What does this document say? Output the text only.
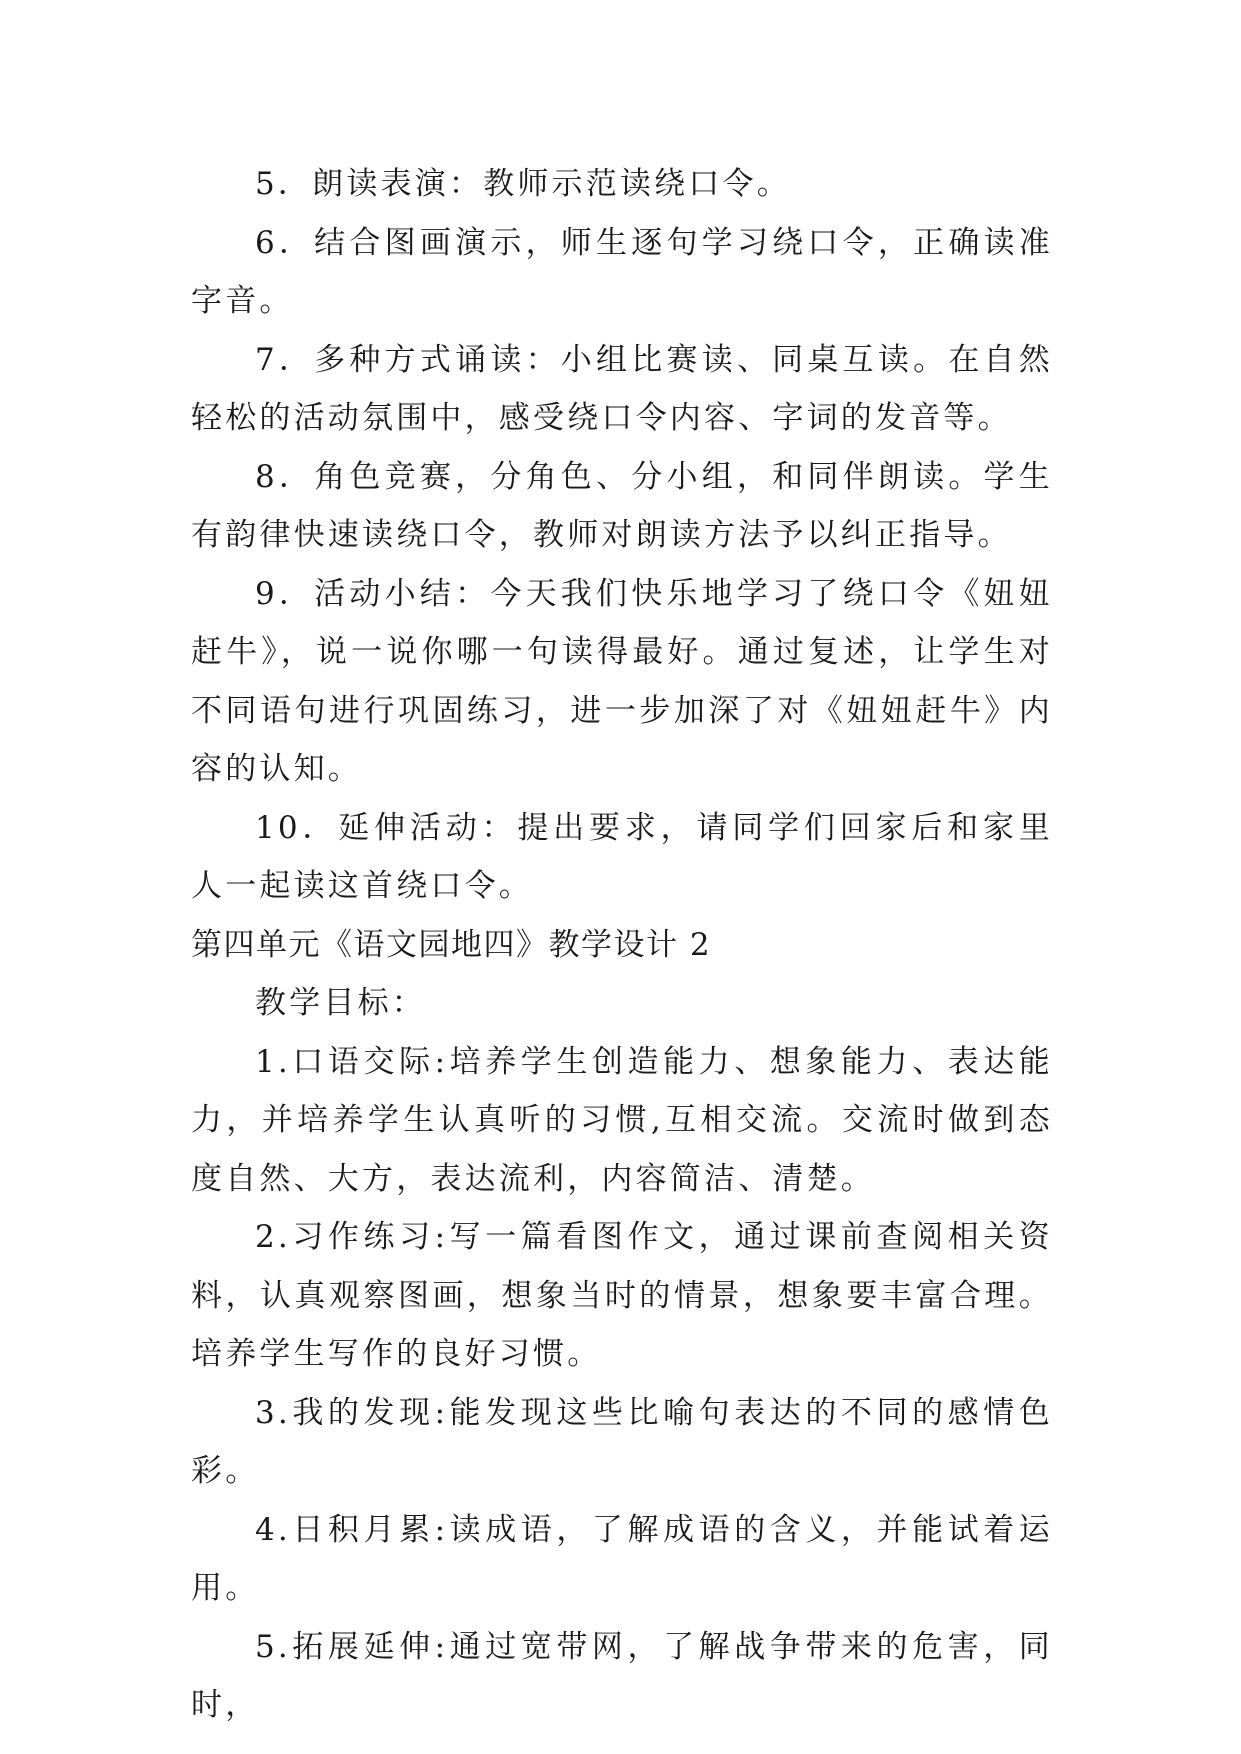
5．朗读表演：教师示范读绕口令。

6．结合图画演示，师生逐句学习绕口令，正确读准字音。

7．多种方式诵读：小组比赛读、同桌互读。在自然轻松的活动氛围中，感受绕口令内容、字词的发音等。

8．角色竞赛，分角色、分小组，和同伴朗读。学生有韵律快速读绕口令，教师对朗读方法予以纠正指导。

9．活动小结：今天我们快乐地学习了绕口令《妞妞赶牛》，说一说你哪一句读得最好。通过复述，让学生对不同语句进行巩固练习，进一步加深了对《妞妞赶牛》内容的认知。

10．延伸活动：提出要求，请同学们回家后和家里人一起读这首绕口令。

第四单元《语文园地四》教学设计 2

教学目标：

1.口语交际:培养学生创造能力、想象能力、表达能力，并培养学生认真听的习惯,互相交流。交流时做到态度自然、大方，表达流利，内容简洁、清楚。

2.习作练习:写一篇看图作文，通过课前查阅相关资料，认真观察图画，想象当时的情景，想象要丰富合理。培养学生写作的良好习惯。

3.我的发现:能发现这些比喻句表达的不同的感情色彩。

4.日积月累:读成语，了解成语的含义，并能试着运用。

5.拓展延伸:通过宽带网，了解战争带来的危害，同时，
